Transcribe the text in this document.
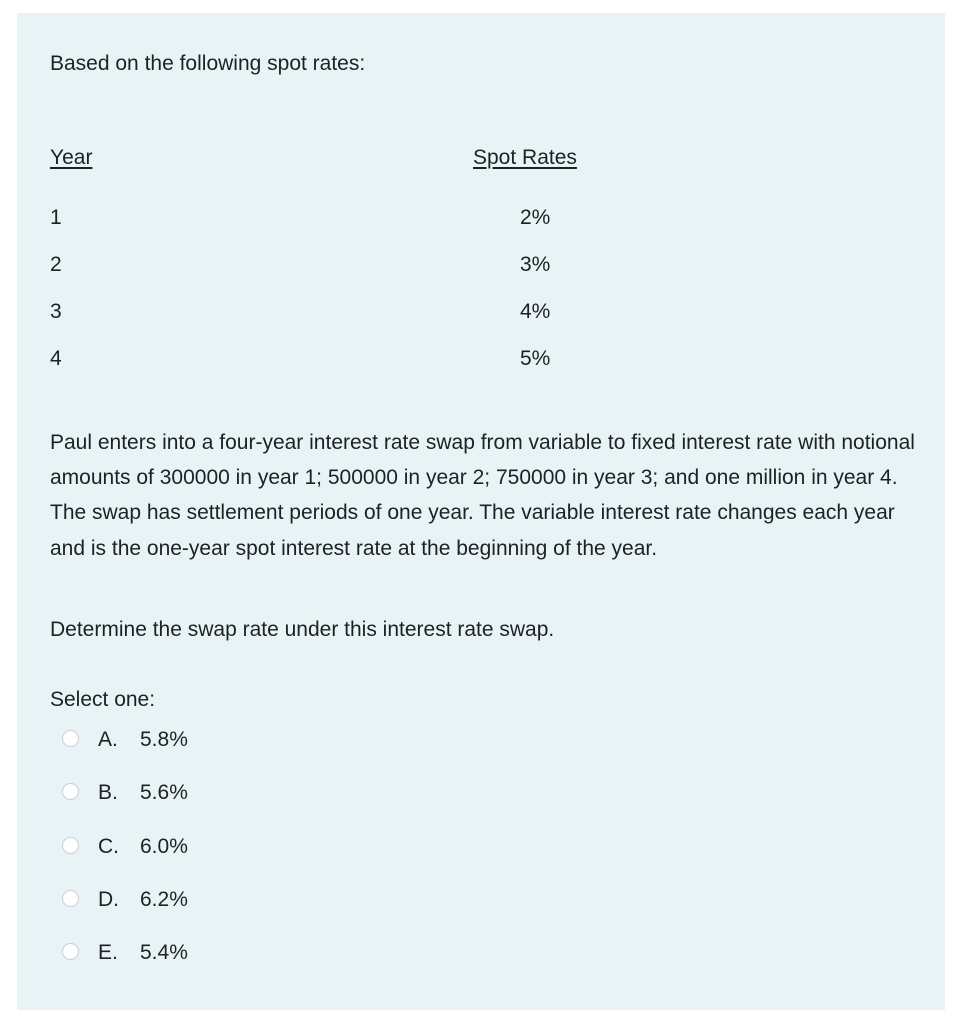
Based on the following spot rates:

Year	Spot Rates
1	2%
2	3%
3	4%
4	5%

Paul enters into a four-year interest rate swap from variable to fixed interest rate with notional amounts of 300000 in year 1; 500000 in year 2; 750000 in year 3; and one million in year 4. The swap has settlement periods of one year. The variable interest rate changes each year and is the one-year spot interest rate at the beginning of the year.

Determine the swap rate under this interest rate swap.

Select one:

A.	5.8%
B.	5.6%
C.	6.0%
D.	6.2%
E.	5.4%
